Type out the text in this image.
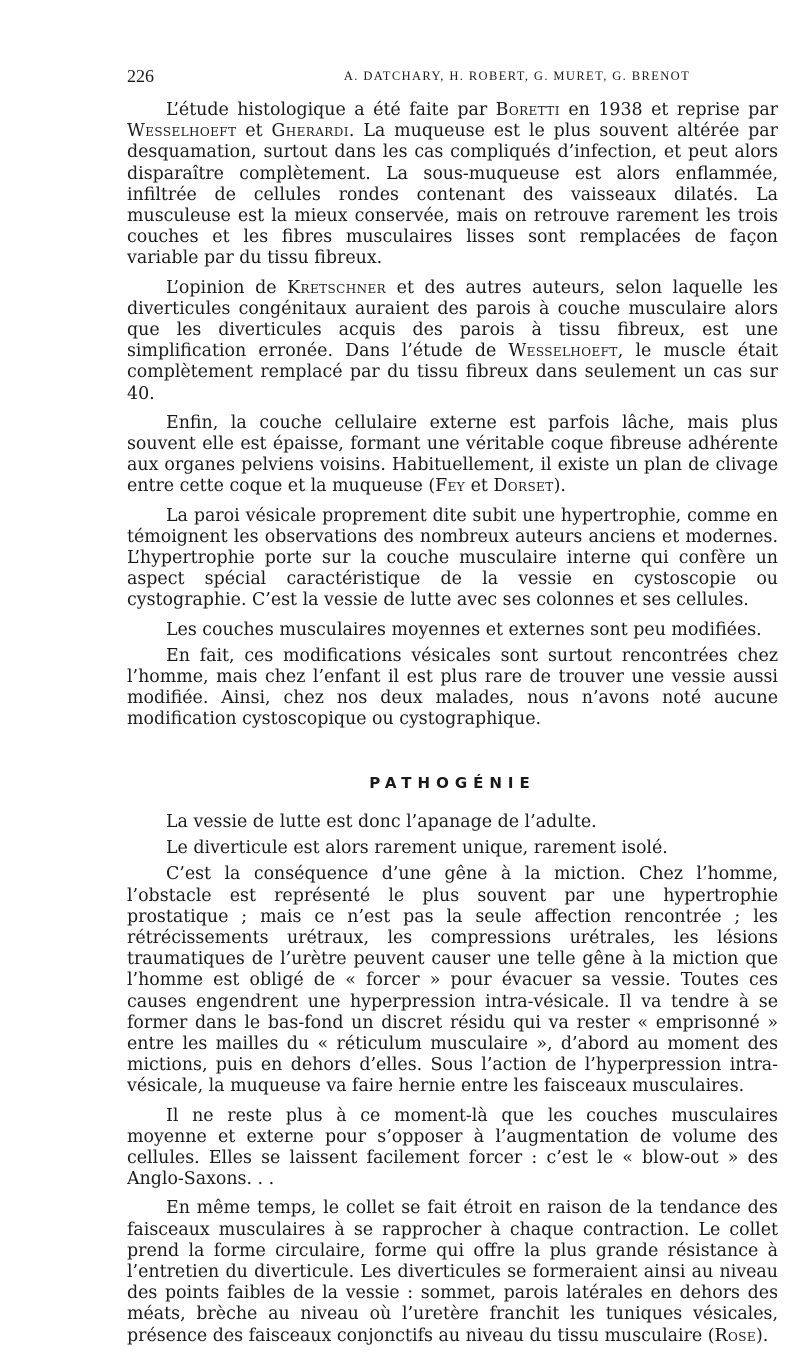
226	A. DATCHARY, H. ROBERT, G. MURET, G. BRENOT

L’étude histologique a été faite par Boretti en 1938 et reprise par Wesselhoeft et Gherardi. La muqueuse est le plus souvent altérée par desquamation, surtout dans les cas compliqués d’infection, et peut alors disparaître complètement. La sous-muqueuse est alors enflammée, infiltrée de cellules rondes contenant des vaisseaux dilatés. La musculeuse est la mieux conservée, mais on retrouve rarement les trois couches et les fibres musculaires lisses sont remplacées de façon variable par du tissu fibreux.

L’opinion de Kretschner et des autres auteurs, selon laquelle les diverticules congénitaux auraient des parois à couche musculaire alors que les diverticules acquis des parois à tissu fibreux, est une simplification erronée. Dans l’étude de Wesselhoeft, le muscle était complètement remplacé par du tissu fibreux dans seulement un cas sur 40.

Enfin, la couche cellulaire externe est parfois lâche, mais plus souvent elle est épaisse, formant une véritable coque fibreuse adhérente aux organes pelviens voisins. Habituellement, il existe un plan de clivage entre cette coque et la muqueuse (Fey et Dorset).

La paroi vésicale proprement dite subit une hypertrophie, comme en témoignent les observations des nombreux auteurs anciens et modernes. L’hypertrophie porte sur la couche musculaire interne qui confère un aspect spécial caractéristique de la vessie en cystoscopie ou cystographie. C’est la vessie de lutte avec ses colonnes et ses cellules.

Les couches musculaires moyennes et externes sont peu modifiées.

En fait, ces modifications vésicales sont surtout rencontrées chez l’homme, mais chez l’enfant il est plus rare de trouver une vessie aussi modifiée. Ainsi, chez nos deux malades, nous n’avons noté aucune modification cystoscopique ou cystographique.

PATHOGÉNIE

La vessie de lutte est donc l’apanage de l’adulte.

Le diverticule est alors rarement unique, rarement isolé.

C’est la conséquence d’une gêne à la miction. Chez l’homme, l’obstacle est représenté le plus souvent par une hypertrophie prostatique ; mais ce n’est pas la seule affection rencontrée ; les rétrécissements urétraux, les compressions urétrales, les lésions traumatiques de l’urètre peuvent causer une telle gêne à la miction que l’homme est obligé de « forcer » pour évacuer sa vessie. Toutes ces causes engendrent une hyperpression intra-vésicale. Il va tendre à se former dans le bas-fond un discret résidu qui va rester « emprisonné » entre les mailles du « réticulum musculaire », d’abord au moment des mictions, puis en dehors d’elles. Sous l’action de l’hyperpression intra-vésicale, la muqueuse va faire hernie entre les faisceaux musculaires.

Il ne reste plus à ce moment-là que les couches musculaires moyenne et externe pour s’opposer à l’augmentation de volume des cellules. Elles se laissent facilement forcer : c’est le « blow-out » des Anglo-Saxons. . .

En même temps, le collet se fait étroit en raison de la tendance des faisceaux musculaires à se rapprocher à chaque contraction. Le collet prend la forme circulaire, forme qui offre la plus grande résistance à l’entretien du diverticule. Les diverticules se formeraient ainsi au niveau des points faibles de la vessie : sommet, parois latérales en dehors des méats, brèche au niveau où l’uretère franchit les tuniques vésicales, présence des faisceaux conjonctifs au niveau du tissu musculaire (Rose).
